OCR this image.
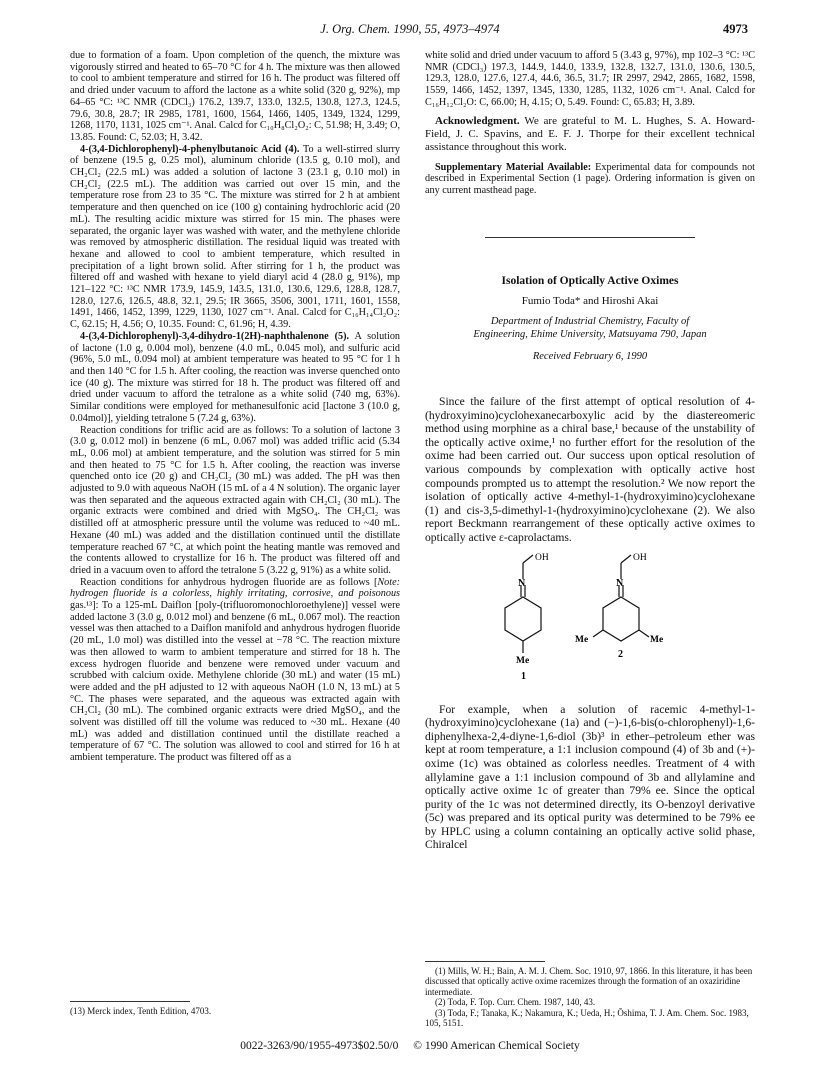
J. Org. Chem. 1990, 55, 4973–4974	4973

due to formation of a foam. Upon completion of the quench, the mixture was vigorously stirred and heated to 65–70 °C for 4 h. The mixture was then allowed to cool to ambient temperature and stirred for 16 h. The product was filtered off and dried under vacuum to afford the lactone as a white solid (320 g, 92%), mp 64–65 °C: ¹³C NMR (CDCl₃) 176.2, 139.7, 133.0, 132.5, 130.8, 127.3, 124.5, 79.6, 30.8, 28.7; IR 2985, 1781, 1600, 1564, 1466, 1405, 1349, 1324, 1299, 1268, 1170, 1131, 1025 cm⁻¹. Anal. Calcd for C₁₀H₈Cl₂O₂: C, 51.98; H, 3.49; O, 13.85. Found: C, 52.03; H, 3.42.

4-(3,4-Dichlorophenyl)-4-phenylbutanoic Acid (4). To a well-stirred slurry of benzene (19.5 g, 0.25 mol), aluminum chloride (13.5 g, 0.10 mol), and CH₂Cl₂ (22.5 mL) was added a solution of lactone 3 (23.1 g, 0.10 mol) in CH₂Cl₂ (22.5 mL). The addition was carried out over 15 min, and the temperature rose from 23 to 35 °C. The mixture was stirred for 2 h at ambient temperature and then quenched on ice (100 g) containing hydrochloric acid (20 mL). The resulting acidic mixture was stirred for 15 min. The phases were separated, the organic layer was washed with water, and the methylene chloride was removed by atmospheric distillation. The residual liquid was treated with hexane and allowed to cool to ambient temperature, which resulted in precipitation of a light brown solid. After stirring for 1 h, the product was filtered off and washed with hexane to yield diaryl acid 4 (28.0 g, 91%), mp 121–122 °C: ¹³C NMR 173.9, 145.9, 143.5, 131.0, 130.6, 129.6, 128.8, 128.7, 128.0, 127.6, 126.5, 48.8, 32.1, 29.5; IR 3665, 3506, 3001, 1711, 1601, 1558, 1491, 1466, 1452, 1399, 1229, 1130, 1027 cm⁻¹. Anal. Calcd for C₁₆H₁₄Cl₂O₂: C, 62.15; H, 4.56; O, 10.35. Found: C, 61.96; H, 4.39.

4-(3,4-Dichlorophenyl)-3,4-dihydro-1(2H)-naphthalenone (5). A solution of lactone (1.0 g, 0.004 mol), benzene (4.0 mL, 0.045 mol), and sulfuric acid (96%, 5.0 mL, 0.094 mol) at ambient temperature was heated to 95 °C for 1 h and then 140 °C for 1.5 h. After cooling, the reaction was inverse quenched onto ice (40 g). The mixture was stirred for 18 h. The product was filtered off and dried under vacuum to afford the tetralone as a white solid (740 mg, 63%). Similar conditions were employed for methanesulfonic acid [lactone 3 (10.0 g, 0.04mol)], yielding tetralone 5 (7.24 g, 63%).

Reaction conditions for triflic acid are as follows: To a solution of lactone 3 (3.0 g, 0.012 mol) in benzene (6 mL, 0.067 mol) was added triflic acid (5.34 mL, 0.06 mol) at ambient temperature, and the solution was stirred for 5 min and then heated to 75 °C for 1.5 h. After cooling, the reaction was inverse quenched onto ice (20 g) and CH₂Cl₂ (30 mL) was added. The pH was then adjusted to 9.0 with aqueous NaOH (15 mL of a 4 N solution). The organic layer was then separated and the aqueous extracted again with CH₂Cl₂ (30 mL). The organic extracts were combined and dried with MgSO₄. The CH₂Cl₂ was distilled off at atmospheric pressure until the volume was reduced to ~40 mL. Hexane (40 mL) was added and the distillation continued until the distillate temperature reached 67 °C, at which point the heating mantle was removed and the contents allowed to crystallize for 16 h. The product was filtered off and dried in a vacuum oven to afford the tetralone 5 (3.22 g, 91%) as a white solid.

Reaction conditions for anhydrous hydrogen fluoride are as follows [Note: hydrogen fluoride is a colorless, highly irritating, corrosive, and poisonous gas.¹³]: To a 125-mL Daiflon [poly-(trifluoromonochloroethylene)] vessel were added lactone 3 (3.0 g, 0.012 mol) and benzene (6 mL, 0.067 mol). The reaction vessel was then attached to a Daiflon manifold and anhydrous hydrogen fluoride (20 mL, 1.0 mol) was distilled into the vessel at −78 °C. The reaction mixture was then allowed to warm to ambient temperature and stirred for 18 h. The excess hydrogen fluoride and benzene were removed under vacuum and scrubbed with calcium oxide. Methylene chloride (30 mL) and water (15 mL) were added and the pH adjusted to 12 with aqueous NaOH (1.0 N, 13 mL) at 5 °C. The phases were separated, and the aqueous was extracted again with CH₂Cl₂ (30 mL). The combined organic extracts were dried MgSO₄, and the solvent was distilled off till the volume was reduced to ~30 mL. Hexane (40 mL) was added and distillation continued until the distillate reached a temperature of 67 °C. The solution was allowed to cool and stirred for 16 h at ambient temperature. The product was filtered off as a

(13) Merck index, Tenth Edition, 4703.

white solid and dried under vacuum to afford 5 (3.43 g, 97%), mp 102–3 °C: ¹³C NMR (CDCl₃) 197.3, 144.9, 144.0, 133.9, 132.8, 132.7, 131.0, 130.6, 130.5, 129.3, 128.0, 127.6, 127.4, 44.6, 36.5, 31.7; IR 2997, 2942, 2865, 1682, 1598, 1559, 1466, 1452, 1397, 1345, 1330, 1285, 1132, 1026 cm⁻¹. Anal. Calcd for C₁₆H₁₂Cl₂O: C, 66.00; H, 4.15; O, 5.49. Found: C, 65.83; H, 3.89.

Acknowledgment. We are grateful to M. L. Hughes, S. A. Howard-Field, J. C. Spavins, and E. F. J. Thorpe for their excellent technical assistance throughout this work.

Supplementary Material Available: Experimental data for compounds not described in Experimental Section (1 page). Ordering information is given on any current masthead page.

Isolation of Optically Active Oximes
Fumio Toda* and Hiroshi Akai
Department of Industrial Chemistry, Faculty of
Engineering, Ehime University, Matsuyama 790, Japan
Received February 6, 1990

Since the failure of the first attempt of optical resolution of 4-(hydroxyimino)cyclohexanecarboxylic acid by the diastereomeric method using morphine as a chiral base,¹ because of the unstability of the optically active oxime,¹ no further effort for the resolution of the oxime had been carried out. Our success upon optical resolution of various compounds by complexation with optically active host compounds prompted us to attempt the resolution.² We now report the isolation of optically active 4-methyl-1-(hydroxyimino)cyclohexane (1) and cis-3,5-dimethyl-1-(hydroxyimino)cyclohexane (2). We also report Beckmann rearrangement of these optically active oximes to optically active ε-caprolactams.

OH
N
Me
1
OH
N
Me	Me
2

For example, when a solution of racemic 4-methyl-1-(hydroxyimino)cyclohexane (1a) and (−)-1,6-bis(o-chlorophenyl)-1,6-diphenylhexa-2,4-diyne-1,6-diol (3b)³ in ether–petroleum ether was kept at room temperature, a 1:1 inclusion compound (4) of 3b and (+)-oxime (1c) was obtained as colorless needles. Treatment of 4 with allylamine gave a 1:1 inclusion compound of 3b and allylamine and optically active oxime 1c of greater than 79% ee. Since the optical purity of the 1c was not determined directly, its O-benzoyl derivative (5c) was prepared and its optical purity was determined to be 79% ee by HPLC using a column containing an optically active solid phase, Chiralcel

(1) Mills, W. H.; Bain, A. M. J. Chem. Soc. 1910, 97, 1866. In this literature, it has been discussed that optically active oxime racemizes through the formation of an oxaziridine intermediate.

(2) Toda, F. Top. Curr. Chem. 1987, 140, 43.

(3) Toda, F.; Tanaka, K.; Nakamura, K.; Ueda, H.; Ōshima, T. J. Am. Chem. Soc. 1983, 105, 5151.

0022-3263/90/1955-4973$02.50/0 © 1990 American Chemical Society
